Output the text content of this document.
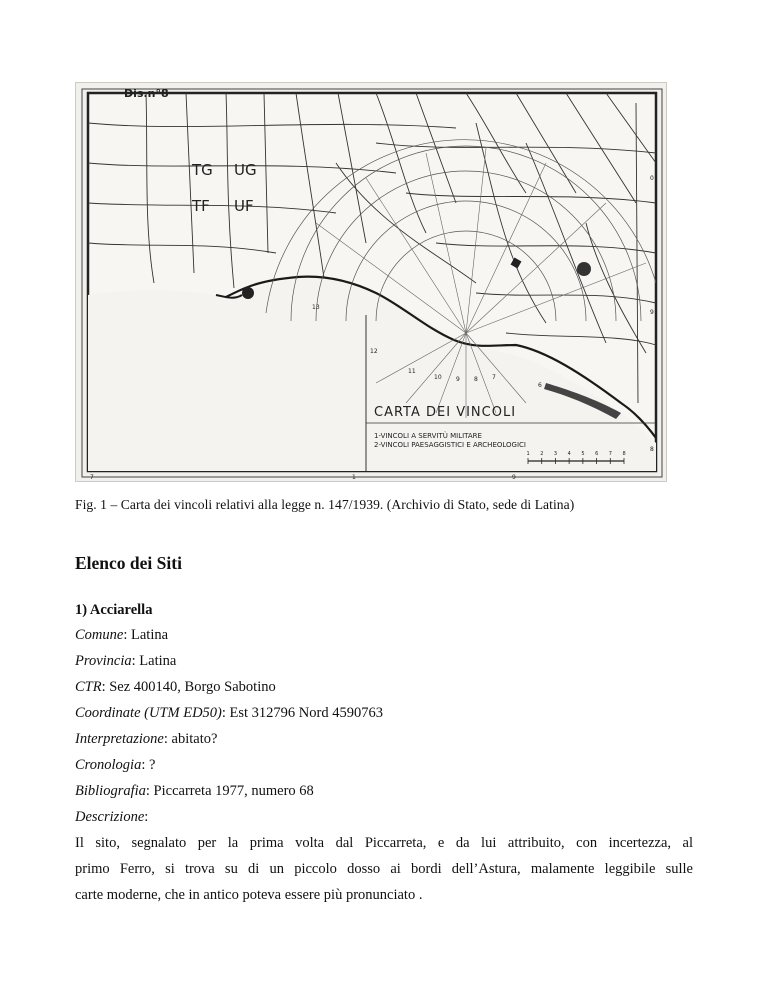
Dis.n°8
TG UG
TF UF
13
12
11
10 9 8 7
6
0
9
8
7	1	9
CARTA DEI VINCOLI
1-VINCOLI A SERVITÙ MILITARE
2-VINCOLI PAESAGGISTICI E ARCHEOLOGICI
1 2 3 4 5 6 7 8
Fig. 1 – Carta dei vincoli relativi alla legge n. 147/1939. (Archivio di Stato, sede di Latina)
Elenco dei Siti
1) Acciarella
Comune: Latina
Provincia: Latina
CTR: Sez 400140, Borgo Sabotino
Coordinate (UTM ED50): Est 312796 Nord 4590763
Interpretazione: abitato?
Cronologia: ?
Bibliografia: Piccarreta 1977, numero 68
Descrizione:
Il sito, segnalato per la prima volta dal Piccarreta, e da lui attribuito, con incertezza, al
primo Ferro, si trova su di un piccolo dosso ai bordi dell’Astura, malamente leggibile sulle
carte moderne, che in antico poteva essere più pronunciato .
